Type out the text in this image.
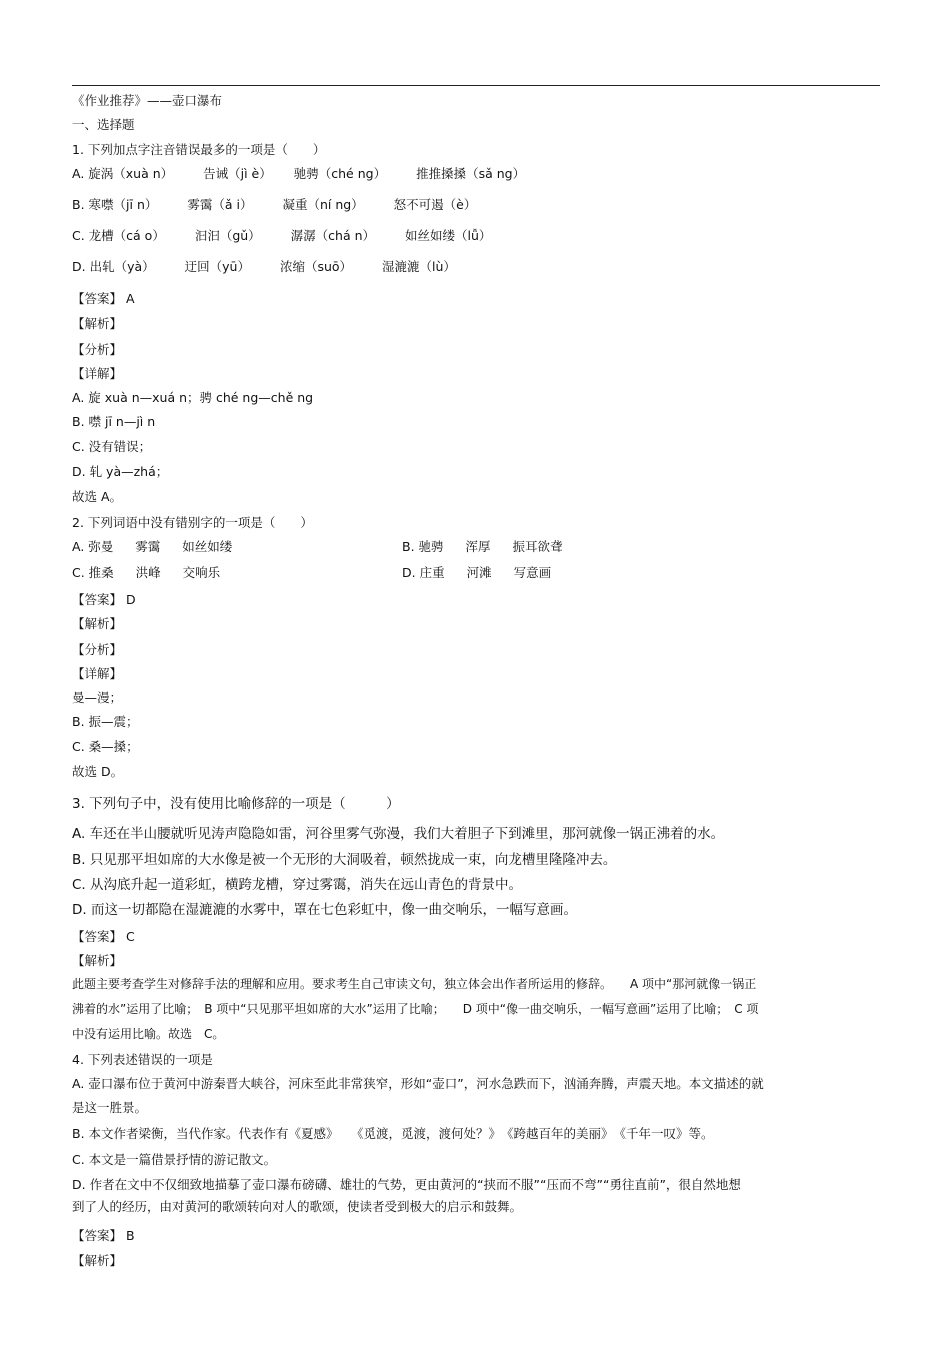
《作业推荐》——壶口瀑布
一、选择题
1. 下列加点字注音错误最多的一项是（　　）
A. 旋涡（xuà n） 告诫（jì è） 驰骋（ché ng） 推推搡搡（sǎ ng）
B. 寒噤（jī n） 雾霭（ǎ i） 凝重（ní ng） 怒不可遏（è）
C. 龙槽（cá o） 汩汩（gǔ） 潺潺（chá n） 如丝如缕（lǚ）
D. 出轧（yà） 迂回（yū） 浓缩（suō） 湿漉漉（lù）
【答案】 A
【解析】
【分析】
【详解】
A. 旋 xuà n—xuá n；骋 ché ng—chě ng
B. 噤 jī n—jì n
C. 没有错误；
D. 轧 yà—zhá；
故选 A。
2. 下列词语中没有错别字的一项是（　　）
A. 弥曼 雾霭 如丝如缕	B. 驰骋 浑厚 振耳欲聋
C. 推桑 洪峰 交响乐	D. 庄重 河滩 写意画
【答案】 D
【解析】
【分析】
【详解】
曼—漫；
B. 振—震；
C. 桑—搡；
故选 D。
3. 下列句子中，没有使用比喻修辞的一项是（　　　）
A. 车还在半山腰就听见涛声隐隐如雷，河谷里雾气弥漫，我们大着胆子下到滩里，那河就像一锅正沸着的水。
B. 只见那平坦如席的大水像是被一个无形的大洞吸着，顿然拢成一束，向龙槽里隆隆冲去。
C. 从沟底升起一道彩虹，横跨龙槽，穿过雾霭，消失在远山青色的背景中。
D. 而这一切都隐在湿漉漉的水雾中，罩在七色彩虹中，像一曲交响乐，一幅写意画。
【答案】 C
【解析】
此题主要考查学生对修辞手法的理解和应用。要求考生自己审读文句，独立体会出作者所运用的修辞。　　A 项中“那河就像一锅正
沸着的水”运用了比喻；　B 项中“只见那平坦如席的大水”运用了比喻；　　D 项中“像一曲交响乐，一幅写意画”运用了比喻；　C 项
中没有运用比喻。故选　C。
4. 下列表述错误的一项是
A. 壶口瀑布位于黄河中游秦晋大峡谷，河床至此非常狭窄，形如“壶口”，河水急跌而下，汹涌奔腾，声震天地。本文描述的就
是这一胜景。
B. 本文作者梁衡，当代作家。代表作有《夏感》　　《觅渡，觅渡，渡何处？》　《跨越百年的美丽》　《千年一叹》等。
C. 本文是一篇借景抒情的游记散文。
D. 作者在文中不仅细致地描摹了壶口瀑布磅礴、雄壮的气势，更由黄河的“挟而不服”“压而不弯”“勇往直前”，很自然地想
到了人的经历，由对黄河的歌颂转向对人的歌颂，使读者受到极大的启示和鼓舞。
【答案】 B
【解析】
